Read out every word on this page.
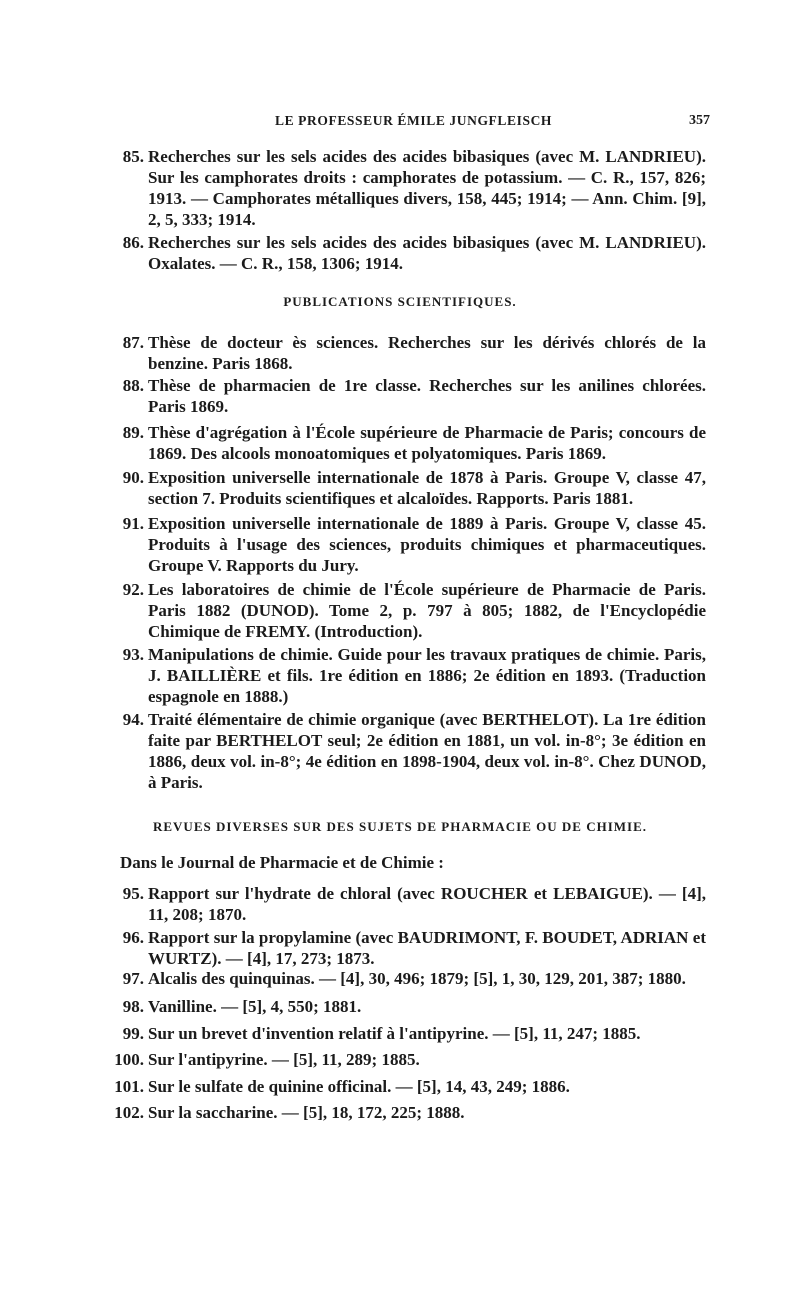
LE PROFESSEUR ÉMILE JUNGFLEISCH	357
85. Recherches sur les sels acides des acides bibasiques (avec M. LANDRIEU). Sur les camphorates droits : camphorates de potassium. — C. R., 157, 826; 1913. — Camphorates métalliques divers, 158, 445; 1914; — Ann. Chim. [9], 2, 5, 333; 1914.
86. Recherches sur les sels acides des acides bibasiques (avec M. LANDRIEU). Oxalates. — C. R., 158, 1306; 1914.
PUBLICATIONS SCIENTIFIQUES.
87. Thèse de docteur ès sciences. Recherches sur les dérivés chlorés de la benzine. Paris 1868.
88. Thèse de pharmacien de 1re classe. Recherches sur les anilines chlorées. Paris 1869.
89. Thèse d'agrégation à l'École supérieure de Pharmacie de Paris; concours de 1869. Des alcools monoatomiques et polyatomiques. Paris 1869.
90. Exposition universelle internationale de 1878 à Paris. Groupe V, classe 47, section 7. Produits scientifiques et alcaloïdes. Rapports. Paris 1881.
91. Exposition universelle internationale de 1889 à Paris. Groupe V, classe 45. Produits à l'usage des sciences, produits chimiques et pharmaceutiques. Groupe V. Rapports du Jury.
92. Les laboratoires de chimie de l'École supérieure de Pharmacie de Paris. Paris 1882 (DUNOD). Tome 2, p. 797 à 805; 1882, de l'Encyclopédie Chimique de FREMY. (Introduction).
93. Manipulations de chimie. Guide pour les travaux pratiques de chimie. Paris, J. BAILLIÈRE et fils. 1re édition en 1886; 2e édition en 1893. (Traduction espagnole en 1888.)
94. Traité élémentaire de chimie organique (avec BERTHELOT). La 1re édition faite par BERTHELOT seul; 2e édition en 1881, un vol. in-8°; 3e édition en 1886, deux vol. in-8°; 4e édition en 1898-1904, deux vol. in-8°. Chez DUNOD, à Paris.
REVUES DIVERSES SUR DES SUJETS DE PHARMACIE OU DE CHIMIE.
Dans le Journal de Pharmacie et de Chimie :
95. Rapport sur l'hydrate de chloral (avec ROUCHER et LEBAIGUE). — [4], 11, 208; 1870.
96. Rapport sur la propylamine (avec BAUDRIMONT, F. BOUDET, ADRIAN et WURTZ). — [4], 17, 273; 1873.
97. Alcalis des quinquinas. — [4], 30, 496; 1879; [5], 1, 30, 129, 201, 387; 1880.
98. Vanilline. — [5], 4, 550; 1881.
99. Sur un brevet d'invention relatif à l'antipyrine. — [5], 11, 247; 1885.
100. Sur l'antipyrine. — [5], 11, 289; 1885.
101. Sur le sulfate de quinine officinal. — [5], 14, 43, 249; 1886.
102. Sur la saccharine. — [5], 18, 172, 225; 1888.
